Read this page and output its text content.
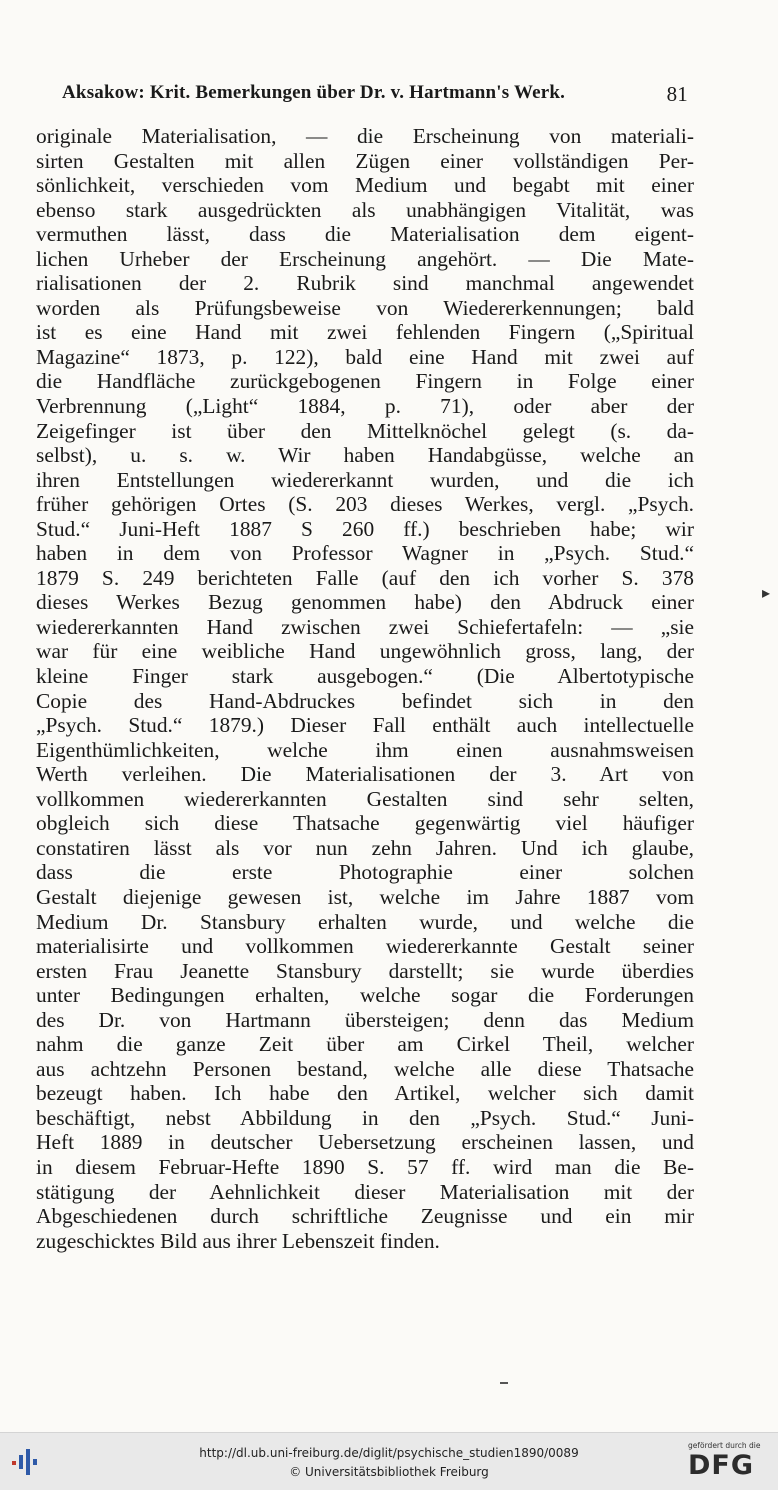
Aksakow: Krit. Bemerkungen über Dr. v. Hartmann's Werk.	81
originale Materialisation, — die Erscheinung von materiali-
sirten Gestalten mit allen Zügen einer vollständigen Per-
sönlichkeit, verschieden vom Medium und begabt mit einer
ebenso stark ausgedrückten als unabhängigen Vitalität, was
vermuthen lässt, dass die Materialisation dem eigent-
lichen Urheber der Erscheinung angehört. — Die Mate-
rialisationen der 2. Rubrik sind manchmal angewendet
worden als Prüfungsbeweise von Wiedererkennungen; bald
ist es eine Hand mit zwei fehlenden Fingern („Spiritual
Magazine“ 1873, p. 122), bald eine Hand mit zwei auf
die Handfläche zurückgebogenen Fingern in Folge einer
Verbrennung („Light“ 1884, p. 71), oder aber der
Zeigefinger ist über den Mittelknöchel gelegt (s. da-
selbst), u. s. w. Wir haben Handabgüsse, welche an
ihren Entstellungen wiedererkannt wurden, und die ich
früher gehörigen Ortes (S. 203 dieses Werkes, vergl. „Psych.
Stud.“ Juni-Heft 1887 S 260 ff.) beschrieben habe; wir
haben in dem von Professor Wagner in „Psych. Stud.“
1879 S. 249 berichteten Falle (auf den ich vorher S. 378
dieses Werkes Bezug genommen habe) den Abdruck einer
wiedererkannten Hand zwischen zwei Schiefertafeln: — „sie
war für eine weibliche Hand ungewöhnlich gross, lang, der
kleine Finger stark ausgebogen.“ (Die Albertotypische
Copie des Hand-Abdruckes befindet sich in den
„Psych. Stud.“ 1879.) Dieser Fall enthält auch intellectuelle
Eigenthümlichkeiten, welche ihm einen ausnahmsweisen
Werth verleihen. Die Materialisationen der 3. Art von
vollkommen wiedererkannten Gestalten sind sehr selten,
obgleich sich diese Thatsache gegenwärtig viel häufiger
constatiren lässt als vor nun zehn Jahren. Und ich glaube,
dass die erste Photographie einer solchen
Gestalt diejenige gewesen ist, welche im Jahre 1887 vom
Medium Dr. Stansbury erhalten wurde, und welche die
materialisirte und vollkommen wiedererkannte Gestalt seiner
ersten Frau Jeanette Stansbury darstellt; sie wurde überdies
unter Bedingungen erhalten, welche sogar die Forderungen
des Dr. von Hartmann übersteigen; denn das Medium
nahm die ganze Zeit über am Cirkel Theil, welcher
aus achtzehn Personen bestand, welche alle diese Thatsache
bezeugt haben. Ich habe den Artikel, welcher sich damit
beschäftigt, nebst Abbildung in den „Psych. Stud.“ Juni-
Heft 1889 in deutscher Uebersetzung erscheinen lassen, und
in diesem Februar-Hefte 1890 S. 57 ff. wird man die Be-
stätigung der Aehnlichkeit dieser Materialisation mit der
Abgeschiedenen durch schriftliche Zeugnisse und ein mir
zugeschicktes Bild aus ihrer Lebenszeit finden.
▸
http://dl.ub.uni-freiburg.de/diglit/psychische_studien1890/0089
© Universitätsbibliothek Freiburg
gefördert durch die
DFG
